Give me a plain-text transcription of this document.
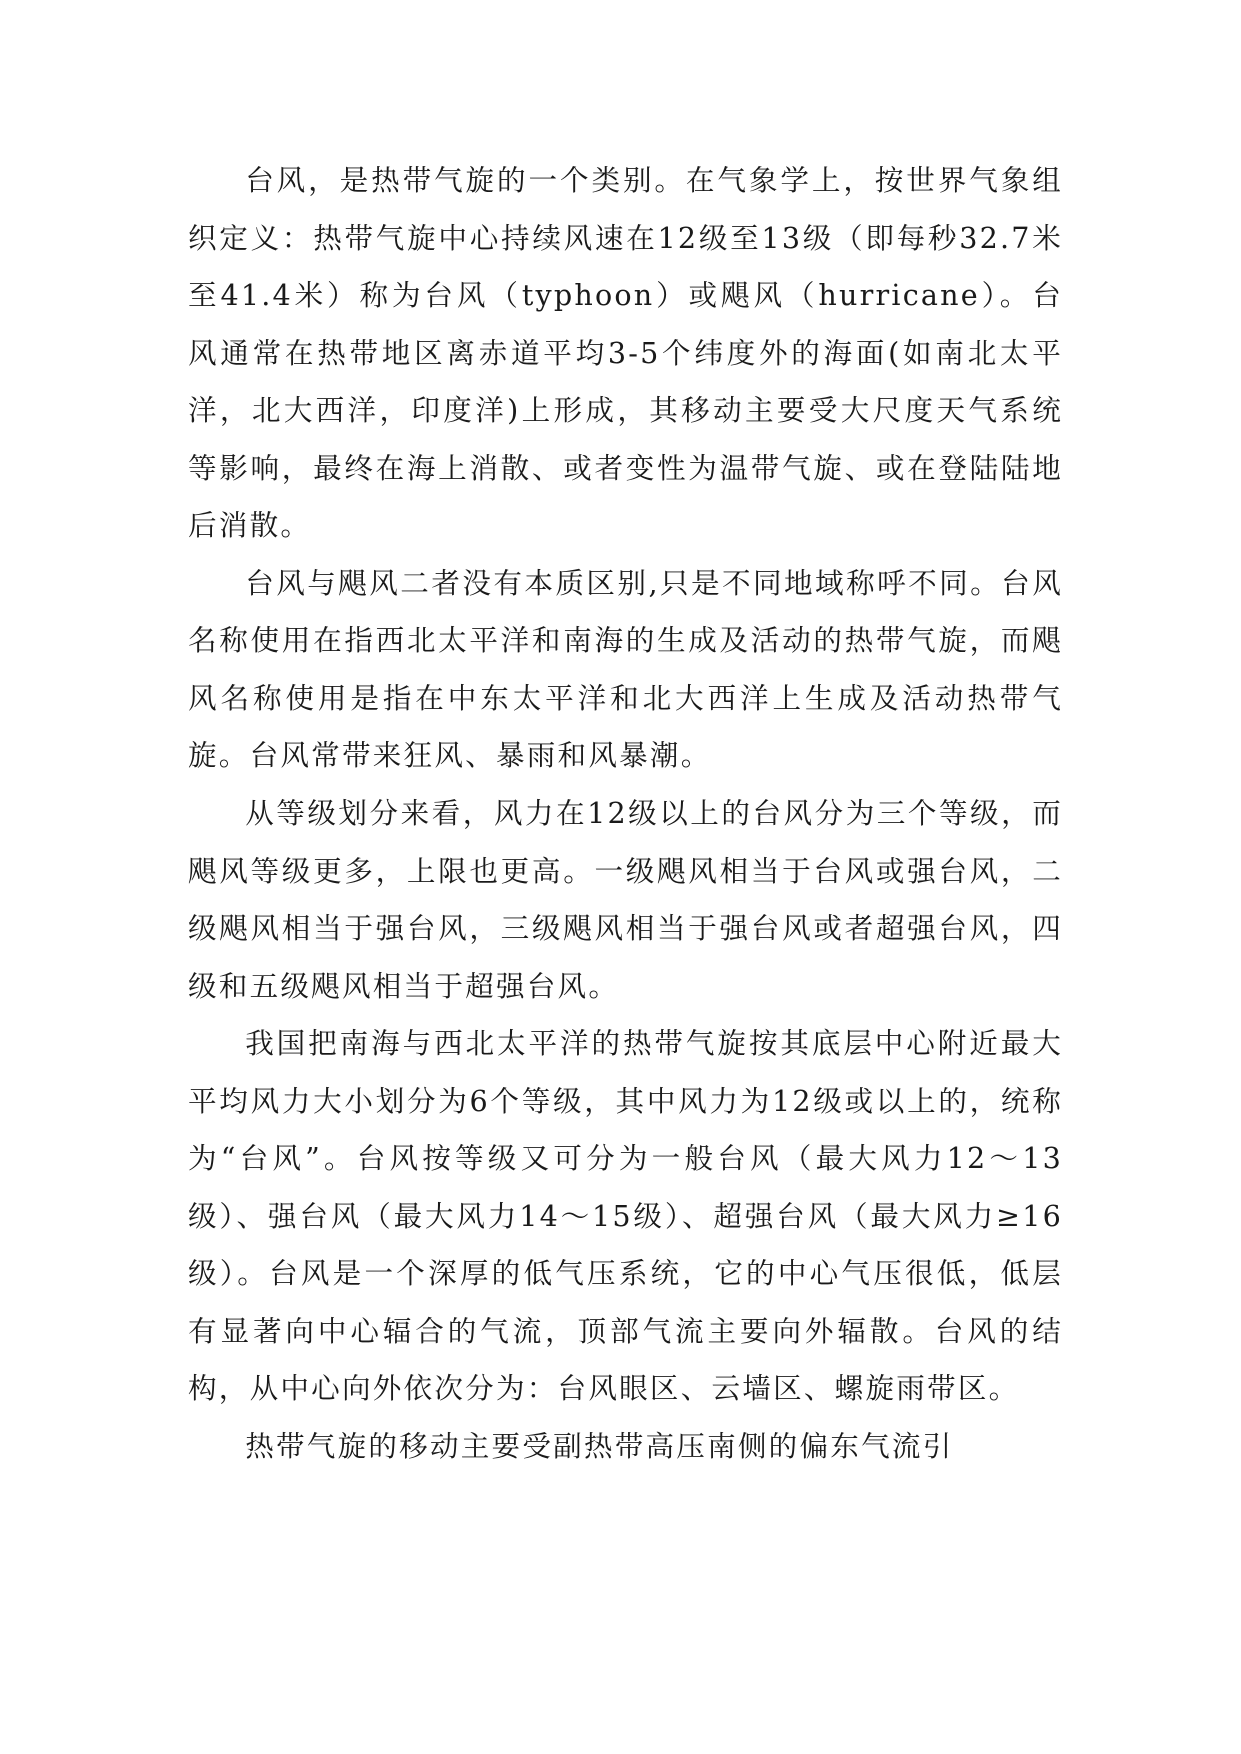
台风，是热带气旋的一个类别。在气象学上，按世界气象组织定义：热带气旋中心持续风速在12级至13级（即每秒32.7米至41.4米）称为台风（typhoon）或飓风（hurricane）。台风通常在热带地区离赤道平均3-5个纬度外的海面(如南北太平洋，北大西洋，印度洋)上形成，其移动主要受大尺度天气系统等影响，最终在海上消散、或者变性为温带气旋、或在登陆陆地后消散。

台风与飓风二者没有本质区别,只是不同地域称呼不同。台风名称使用在指西北太平洋和南海的生成及活动的热带气旋，而飓风名称使用是指在中东太平洋和北大西洋上生成及活动热带气旋。台风常带来狂风、暴雨和风暴潮。

从等级划分来看，风力在12级以上的台风分为三个等级，而飓风等级更多，上限也更高。一级飓风相当于台风或强台风，二级飓风相当于强台风，三级飓风相当于强台风或者超强台风，四级和五级飓风相当于超强台风。

我国把南海与西北太平洋的热带气旋按其底层中心附近最大平均风力大小划分为6个等级，其中风力为12级或以上的，统称为“台风”。台风按等级又可分为一般台风（最大风力12～13级）、强台风（最大风力14～15级）、超强台风（最大风力≥16级）。台风是一个深厚的低气压系统，它的中心气压很低，低层有显著向中心辐合的气流，顶部气流主要向外辐散。台风的结构，从中心向外依次分为：台风眼区、云墙区、螺旋雨带区。

热带气旋的移动主要受副热带高压南侧的偏东气流引
